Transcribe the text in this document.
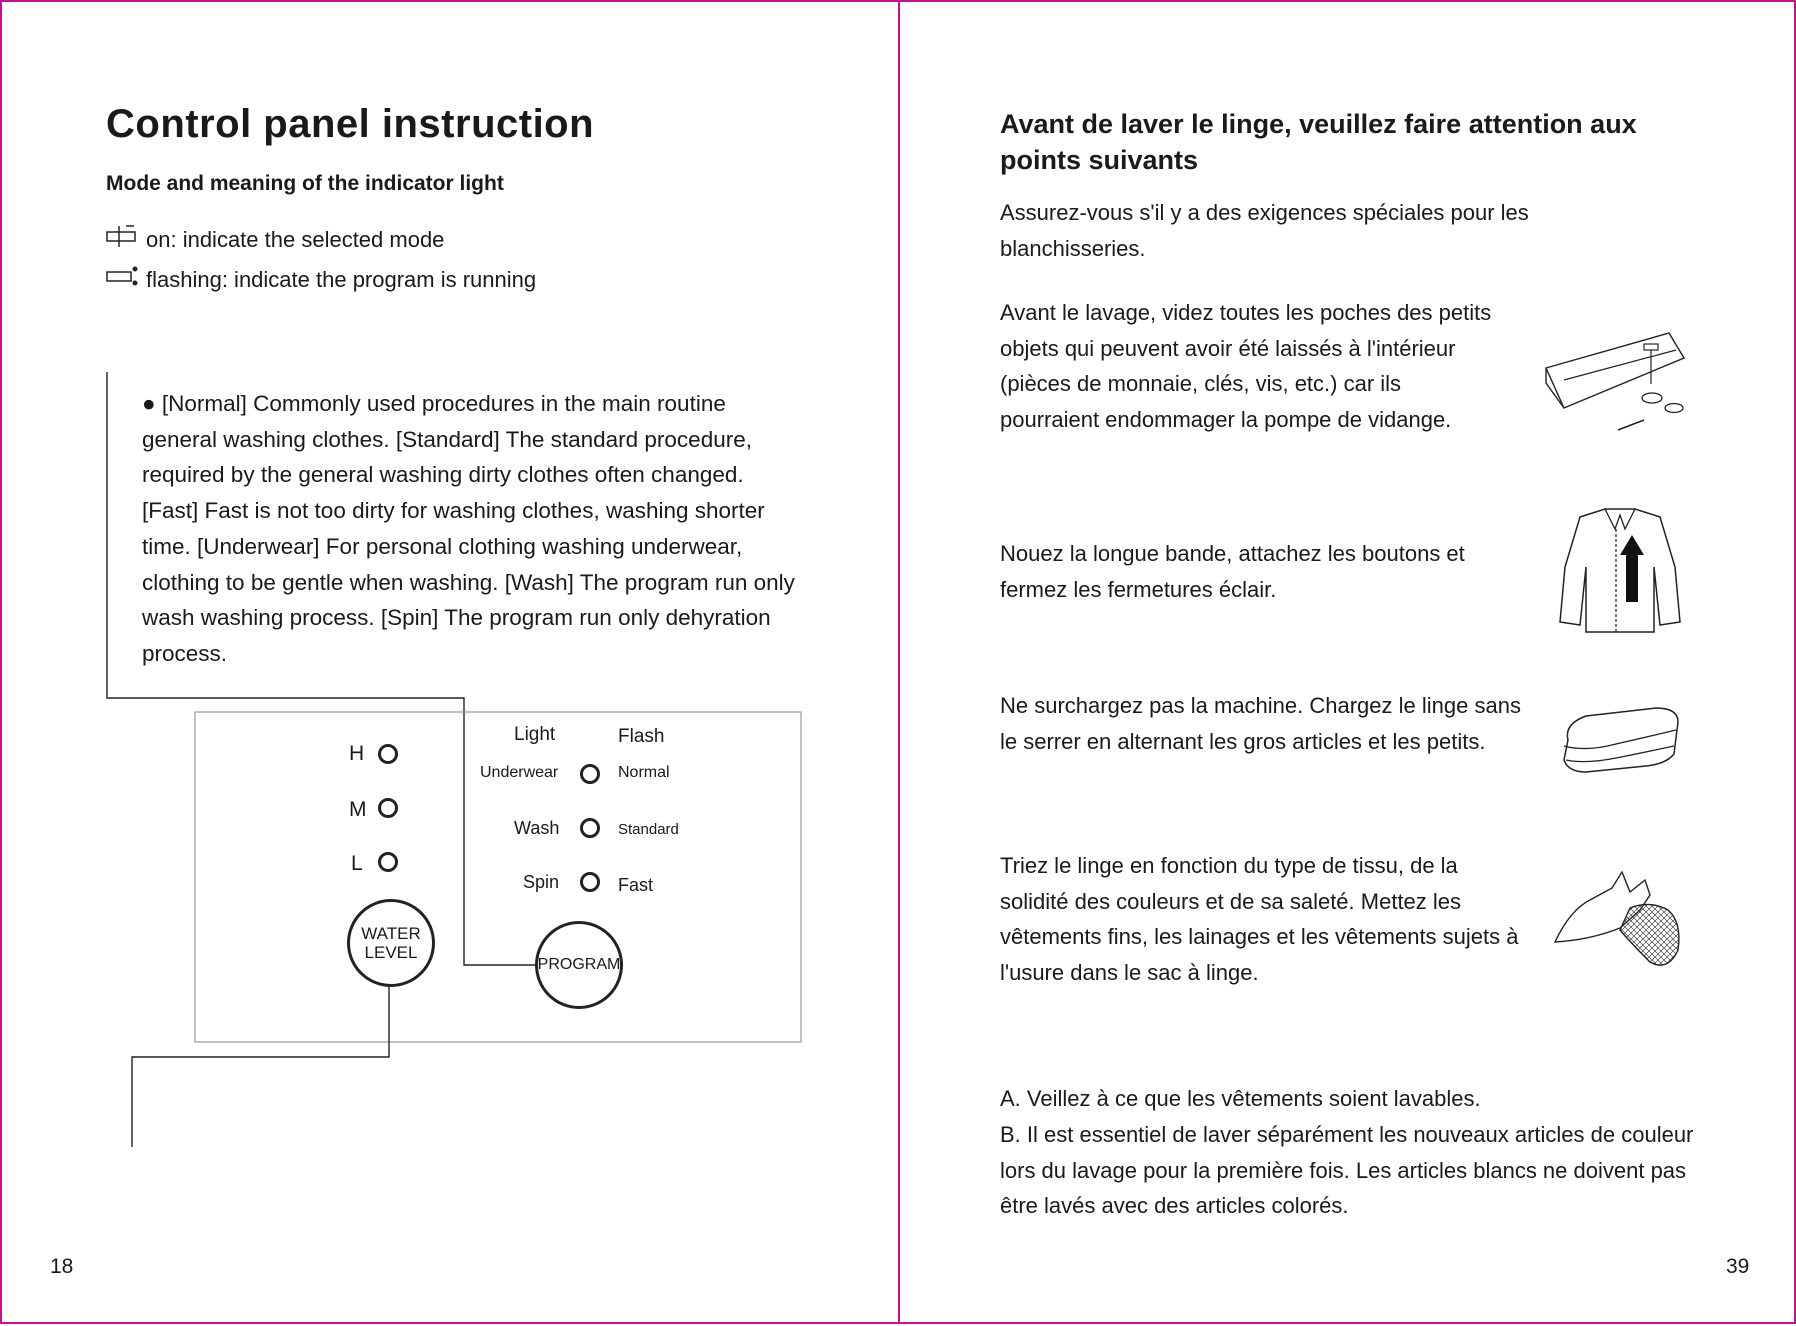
Control panel instruction
Mode and meaning of the indicator light
on: indicate the selected mode
flashing: indicate the program is running
● [Normal] Commonly used procedures in the main routine general washing clothes. [Standard] The standard procedure, required by the general washing dirty clothes often changed. [Fast] Fast is not too dirty for washing clothes, washing shorter time. [Underwear] For personal clothing washing underwear, clothing to be gentle when washing. [Wash] The program run only wash washing process. [Spin] The program run only dehyration process.
H
M
L
WATER LEVEL
Light	Flash
Underwear	Normal
Wash	Standard
Spin	Fast
PROGRAM
18
Avant de laver le linge, veuillez faire attention aux points suivants
Assurez-vous s'il y a des exigences spéciales pour les blanchisseries.
Avant le lavage, videz toutes les poches des petits objets qui peuvent avoir été laissés à l'intérieur (pièces de monnaie, clés, vis, etc.) car ils pourraient endommager la pompe de vidange.
Nouez la longue bande, attachez les boutons et fermez les fermetures éclair.
Ne surchargez pas la machine. Chargez le linge sans le serrer en alternant les gros articles et les petits.
Triez le linge en fonction du type de tissu, de la solidité des couleurs et de sa saleté. Mettez les vêtements fins, les lainages et les vêtements sujets à l'usure dans le sac à linge.
A. Veillez à ce que les vêtements soient lavables.
B. Il est essentiel de laver séparément les nouveaux articles de couleur lors du lavage pour la première fois. Les articles blancs ne doivent pas être lavés avec des articles colorés.
39
